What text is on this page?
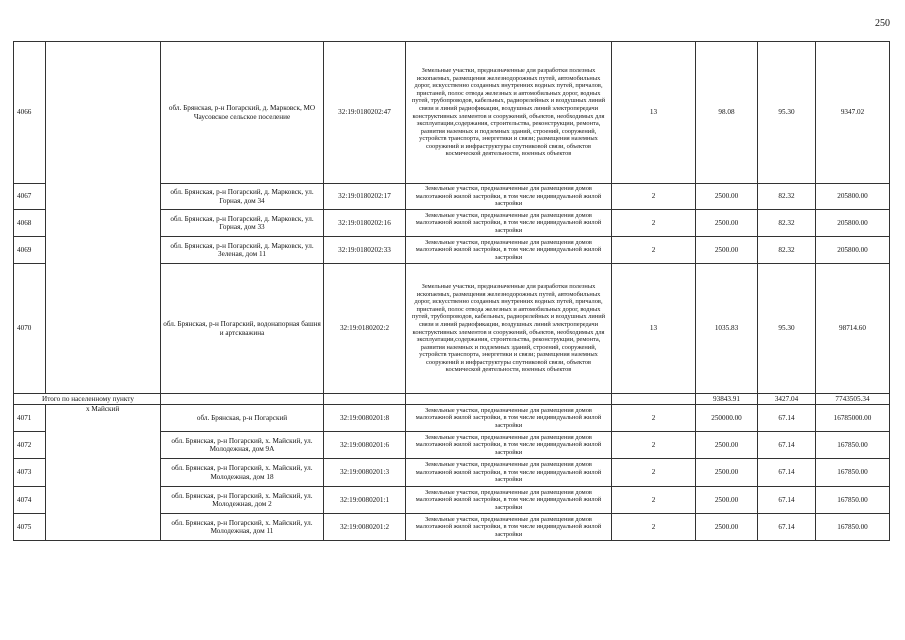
250
4066		обл. Брянская, р-н Погарский, д. Марковск, МО Чаусовское сельское поселение	32:19:0180202:47	Земельные участки, предназначенные для разработки полезных ископаемых, размещения железнодорожных путей, автомобильных дорог, искусственно созданных внутренних водных путей, причалов, пристаней, полос отвода железных и автомобильных дорог, водных путей, трубопроводов, кабельных, радиорелейных и воздушных линий связи и линий радиофикации, воздушных линий электропередачи конструктивных элементов и сооружений, объектов, необходимых для эксплуатации,содержания, строительства, реконструкции, ремонта, развития наземных и подземных зданий, строений, сооружений, устройств транспорта, энергетики и связи; размещения наземных сооружений и инфраструктуры спутниковой связи, объектов космической деятельности, военных объектов	13	98.08	95.30	9347.02
4067		обл. Брянская, р-н Погарский, д. Марковск, ул. Горная, дом 34	32:19:0180202:17	Земельные участки, предназначенные для размещения домов малоэтажной жилой застройки, в том числе индивидуальной жилой застройки	2	2500.00	82.32	205800.00
4068		обл. Брянская, р-н Погарский, д. Марковск, ул. Горная, дом 33	32:19:0180202:16	Земельные участки, предназначенные для размещения домов малоэтажной жилой застройки, в том числе индивидуальной жилой застройки	2	2500.00	82.32	205800.00
4069		обл. Брянская, р-н Погарский, д. Марковск, ул. Зеленая, дом 11	32:19:0180202:33	Земельные участки, предназначенные для размещения домов малоэтажной жилой застройки, в том числе индивидуальной жилой застройки	2	2500.00	82.32	205800.00
4070		обл. Брянская, р-н Погарский, водонапорная башня и артскважина	32:19:0180202:2	Земельные участки, предназначенные для разработки полезных ископаемых, размещения железнодорожных путей, автомобильных дорог, искусственно созданных внутренних водных путей, причалов, пристаней, полос отвода железных и автомобильных дорог, водных путей, трубопроводов, кабельных, радиорелейных и воздушных линий связи и линий радиофикации, воздушных линий электропередачи конструктивных элементов и сооружений, объектов, необходимых для эксплуатации,содержания, строительства, реконструкции, ремонта, развития наземных и подземных зданий, строений, сооружений, устройств транспорта, энергетики и связи; размещения наземных сооружений и инфраструктуры спутниковой связи, объектов космической деятельности, военных объектов	13	1035.83	95.30	98714.60
Итого по населенному пункту						93843.91	3427.04	7743505.34
4071	х Майский	обл. Брянская, р-н Погарский	32:19:0080201:8	Земельные участки, предназначенные для размещения домов малоэтажной жилой застройки, в том числе индивидуальной жилой застройки	2	250000.00	67.14	16785000.00
4072		обл. Брянская, р-н Погарский, х. Майский, ул. Молодежная, дом 9А	32:19:0080201:6	Земельные участки, предназначенные для размещения домов малоэтажной жилой застройки, в том числе индивидуальной жилой застройки	2	2500.00	67.14	167850.00
4073		обл. Брянская, р-н Погарский, х. Майский, ул. Молодежная, дом 18	32:19:0080201:3	Земельные участки, предназначенные для размещения домов малоэтажной жилой застройки, в том числе индивидуальной жилой застройки	2	2500.00	67.14	167850.00
4074		обл. Брянская, р-н Погарский, х. Майский, ул. Молодежная, дом 2	32:19:0080201:1	Земельные участки, предназначенные для размещения домов малоэтажной жилой застройки, в том числе индивидуальной жилой застройки	2	2500.00	67.14	167850.00
4075		обл. Брянская, р-н Погарский, х. Майский, ул. Молодежная, дом 11	32:19:0080201:2	Земельные участки, предназначенные для размещения домов малоэтажной жилой застройки, в том числе индивидуальной жилой застройки	2	2500.00	67.14	167850.00
